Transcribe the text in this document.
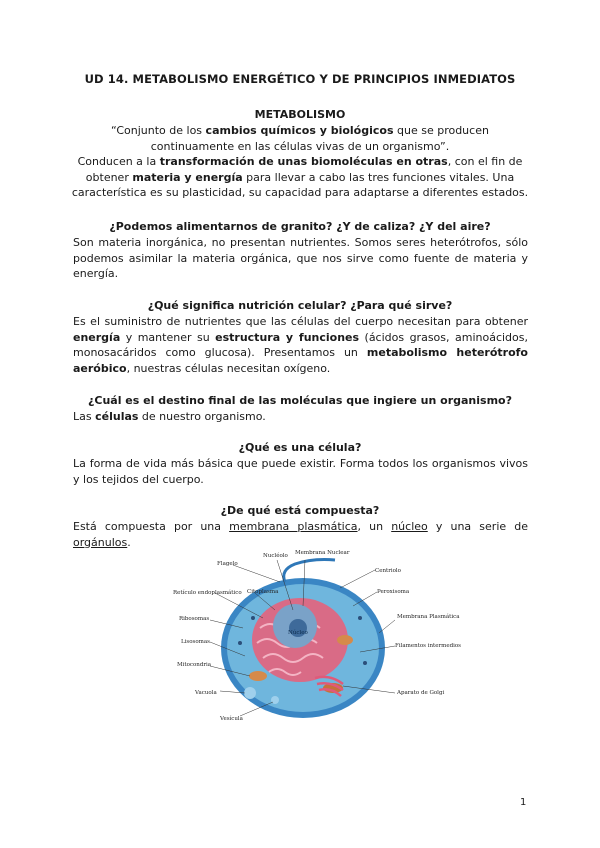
UD 14. METABOLISMO ENERGÉTICO Y DE PRINCIPIOS INMEDIATOS
METABOLISMO
“Conjunto de los cambios químicos y biológicos que se producen continuamente en las células vivas de un organismo”.
Conducen a la transformación de unas biomoléculas en otras, con el fin de obtener materia y energía para llevar a cabo las tres funciones vitales. Una característica es su plasticidad, su capacidad para adaptarse a diferentes estados.
¿Podemos alimentarnos de granito? ¿Y de caliza? ¿Y del aire?
Son materia inorgánica, no presentan nutrientes. Somos seres heterótrofos, sólo podemos asimilar la materia orgánica, que nos sirve como fuente de materia y energía.
¿Qué significa nutrición celular? ¿Para qué sirve?
Es el suministro de nutrientes que las células del cuerpo necesitan para obtener energía y mantener su estructura y funciones (ácidos grasos, aminoácidos, monosacáridos como glucosa). Presentamos un metabolismo heterótrofo aeróbico, nuestras células necesitan oxígeno.
¿Cuál es el destino final de las moléculas que ingiere un organismo?
Las células de nuestro organismo.
¿Qué es una célula?
La forma de vida más básica que puede existir. Forma todos los organismos vivos y los tejidos del cuerpo.
¿De qué está compuesta?
Está compuesta por una membrana plasmática, un núcleo y una serie de orgánulos.
Nucléolo Membrana Nuclear
Flagelo
Centriolo
Retículo endoplasmático Citoplasma	Peroxisoma
Ribosomas	Membrana Plasmática
Lisosomas
Filamentos intermedios
Núcleo
Mitocondria
Vacuola	Aparato de Golgi
Vesícula
1
